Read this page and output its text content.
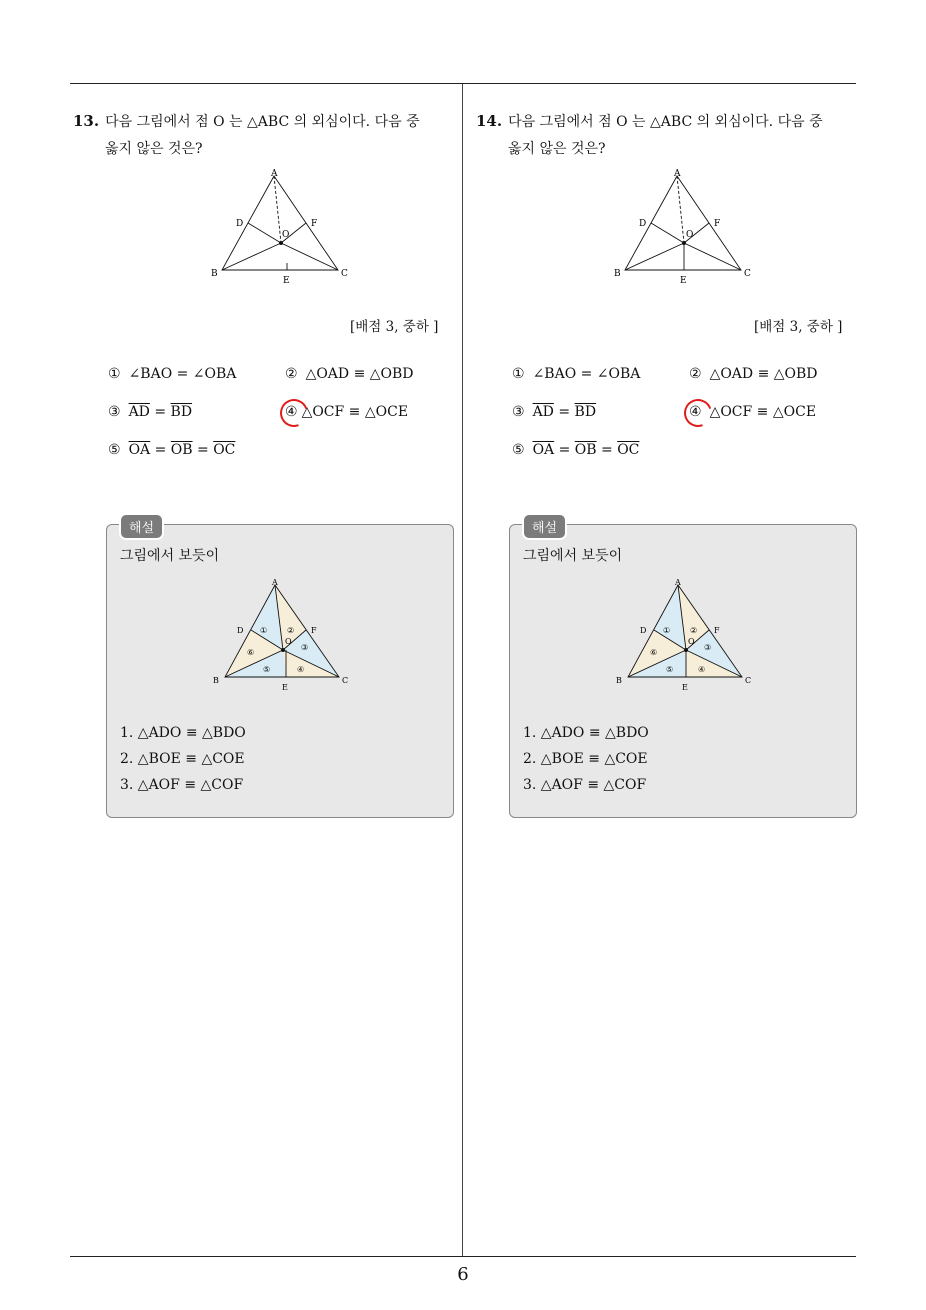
13. 다음 그림에서 점 O 는 △ABC 의 외심이다. 다음 중
옳지 않은 것은?
A
B	C
D
E
F
O
[배점 3, 중하 ]
① ∠BAO = ∠OBA	② △OAD ≡ △OBD
③ $\overline{AD} = \overline{BD}$	④ △OCF ≡ △OCE
⑤ $\overline{OA} = \overline{OB} = \overline{OC}$
해설
그림에서 보듯이
A
B	C
D
E
F
O
① ②
③
④
⑤
⑥
1. △ADO ≡ △BDO
2. △BOE ≡ △COE
3. △AOF ≡ △COF
14. 다음 그림에서 점 O 는 △ABC 의 외심이다. 다음 중
옳지 않은 것은?
A
B	C
D
E
F
O
[배점 3, 중하 ]
① ∠BAO = ∠OBA	② △OAD ≡ △OBD
③ $\overline{AD} = \overline{BD}$	④ △OCF ≡ △OCE
⑤ $\overline{OA} = \overline{OB} = \overline{OC}$
해설
그림에서 보듯이
A
B	C
D
E
F
O
① ②
③
④
⑤
⑥
1. △ADO ≡ △BDO
2. △BOE ≡ △COE
3. △AOF ≡ △COF
6
